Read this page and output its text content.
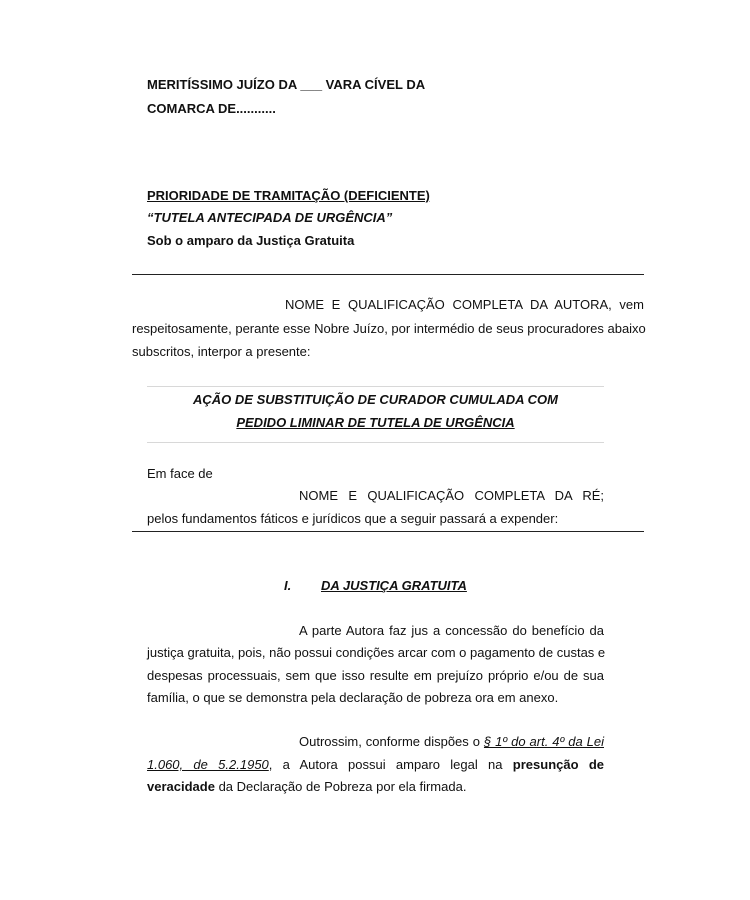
MERITÍSSIMO JUÍZO DA ___ VARA CÍVEL DA
COMARCA DE...........
PRIORIDADE DE TRAMITAÇÃO (DEFICIENTE)
“TUTELA ANTECIPADA DE URGÊNCIA”
Sob o amparo da Justiça Gratuita
NOME E QUALIFICAÇÃO COMPLETA DA AUTORA, vem
respeitosamente, perante esse Nobre Juízo, por intermédio de seus procuradores abaixo
subscritos, interpor a presente:
AÇÃO DE SUBSTITUIÇÃO DE CURADOR CUMULADA COM
PEDIDO LIMINAR DE TUTELA DE URGÊNCIA
Em face de
NOME E QUALIFICAÇÃO COMPLETA DA RÉ;
pelos fundamentos fáticos e jurídicos que a seguir passará a expender:
I. DA JUSTIÇA GRATUITA
A parte Autora faz jus a concessão do benefício da
justiça gratuita, pois, não possui condições arcar com o pagamento de custas e
despesas processuais, sem que isso resulte em prejuízo próprio e/ou de sua
família, o que se demonstra pela declaração de pobreza ora em anexo.
Outrossim, conforme dispões o § 1º do art. 4º da Lei
1.060, de 5.2.1950, a Autora possui amparo legal na presunção de
veracidade da Declaração de Pobreza por ela firmada.
